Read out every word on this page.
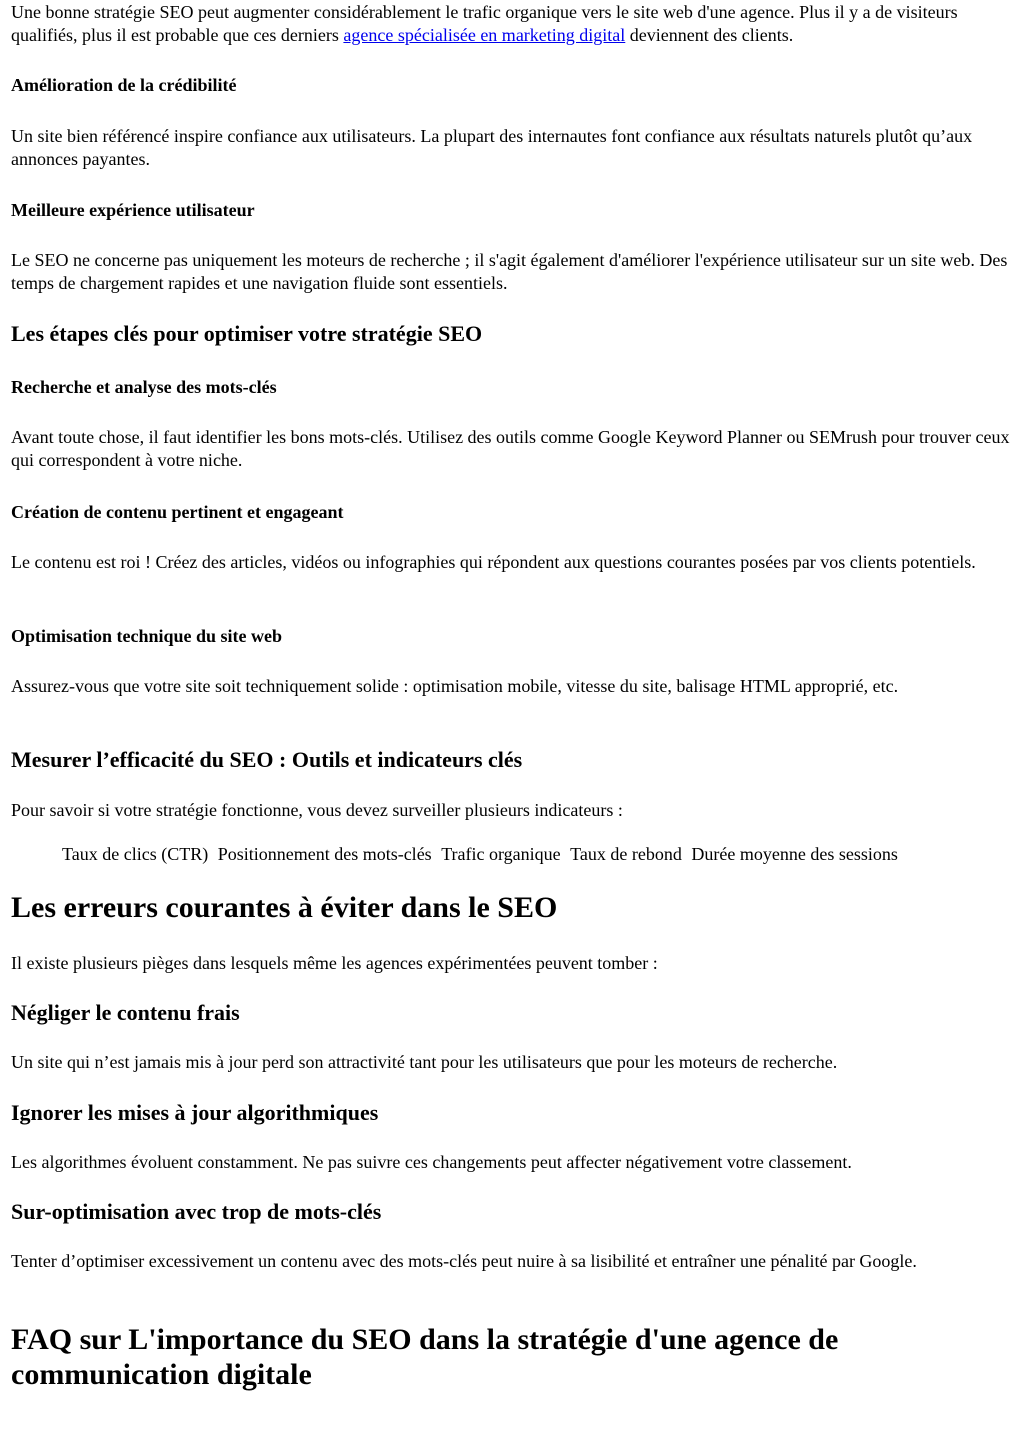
Une bonne stratégie SEO peut augmenter considérablement le trafic organique vers le site web d'une agence. Plus il y a de visiteurs qualifiés, plus il est probable que ces derniers agence spécialisée en marketing digital deviennent des clients.

Amélioration de la crédibilité

Un site bien référencé inspire confiance aux utilisateurs. La plupart des internautes font confiance aux résultats naturels plutôt qu’aux annonces payantes.

Meilleure expérience utilisateur

Le SEO ne concerne pas uniquement les moteurs de recherche ; il s'agit également d'améliorer l'expérience utilisateur sur un site web. Des temps de chargement rapides et une navigation fluide sont essentiels.

Les étapes clés pour optimiser votre stratégie SEO
Recherche et analyse des mots-clés

Avant toute chose, il faut identifier les bons mots-clés. Utilisez des outils comme Google Keyword Planner ou SEMrush pour trouver ceux qui correspondent à votre niche.

Création de contenu pertinent et engageant

Le contenu est roi ! Créez des articles, vidéos ou infographies qui répondent aux questions courantes posées par vos clients potentiels.

Optimisation technique du site web

Assurez-vous que votre site soit techniquement solide : optimisation mobile, vitesse du site, balisage HTML approprié, etc.

Mesurer l’efficacité du SEO : Outils et indicateurs clés

Pour savoir si votre stratégie fonctionne, vous devez surveiller plusieurs indicateurs :

Taux de clics (CTR) Positionnement des mots-clés Trafic organique Taux de rebond Durée moyenne des sessions
Les erreurs courantes à éviter dans le SEO

Il existe plusieurs pièges dans lesquels même les agences expérimentées peuvent tomber :

Négliger le contenu frais

Un site qui n’est jamais mis à jour perd son attractivité tant pour les utilisateurs que pour les moteurs de recherche.

Ignorer les mises à jour algorithmiques

Les algorithmes évoluent constamment. Ne pas suivre ces changements peut affecter négativement votre classement.

Sur-optimisation avec trop de mots-clés

Tenter d’optimiser excessivement un contenu avec des mots-clés peut nuire à sa lisibilité et entraîner une pénalité par Google.

FAQ sur L'importance du SEO dans la stratégie d'une agence de communication digitale
